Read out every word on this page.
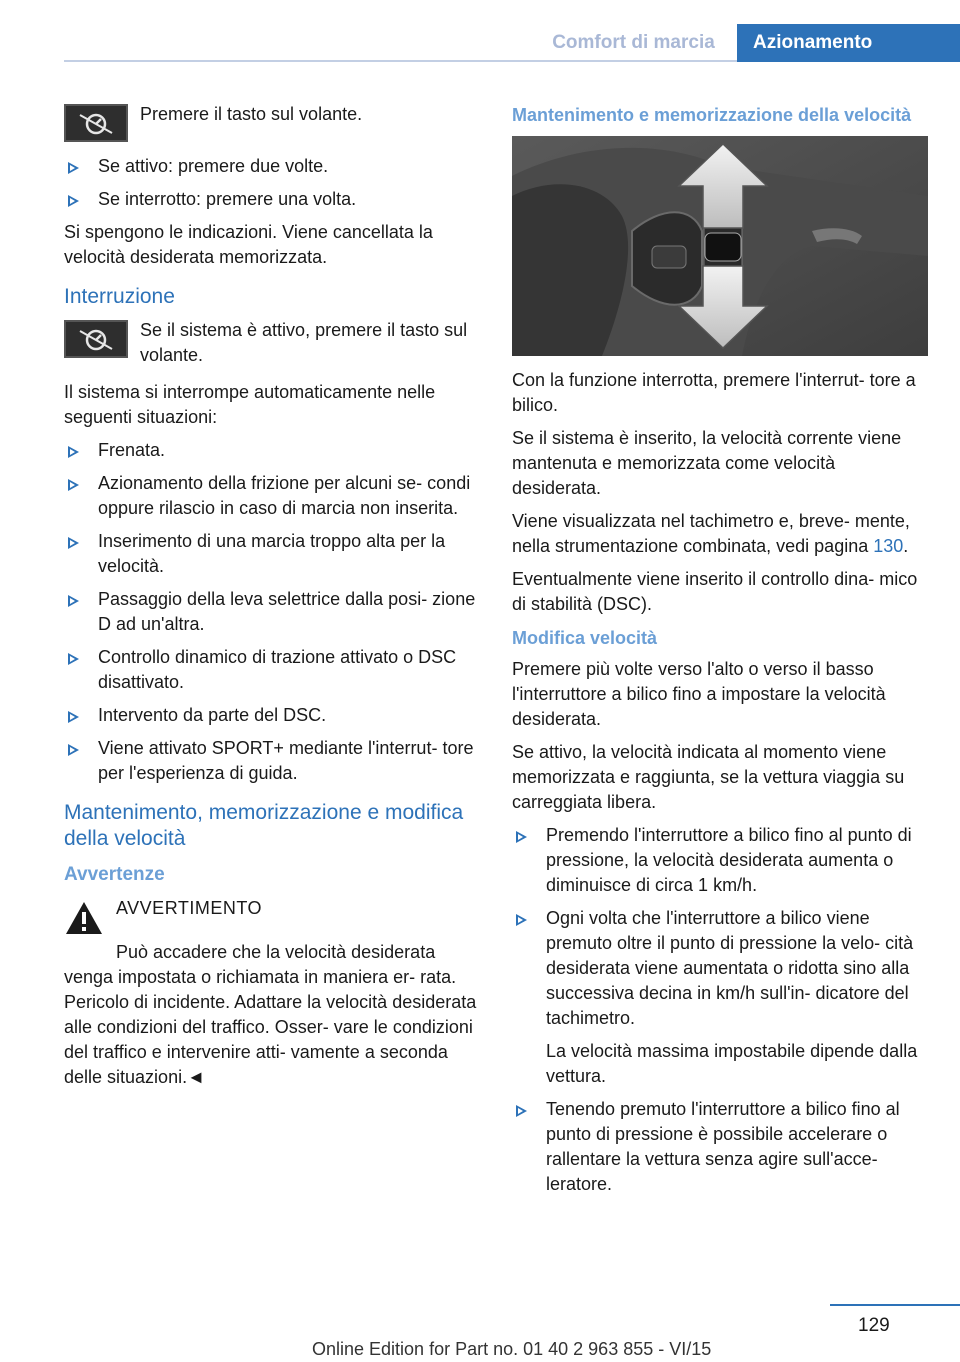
Comfort di marcia	Azionamento
Premere il tasto sul volante.
Se attivo: premere due volte.
Se interrotto: premere una volta.

Si spengono le indicazioni. Viene cancellata la velocità desiderata memorizzata.

Interruzione
Se il sistema è attivo, premere il tasto sul volante.

Il sistema si interrompe automaticamente nelle seguenti situazioni:

Frenata.
Azionamento della frizione per alcuni se- condi oppure rilascio in caso di marcia non inserita.
Inserimento di una marcia troppo alta per la velocità.
Passaggio della leva selettrice dalla posi- zione D ad un'altra.
Controllo dinamico di trazione attivato o DSC disattivato.
Intervento da parte del DSC.
Viene attivato SPORT+ mediante l'interrut- tore per l'esperienza di guida.
Mantenimento, memorizzazione e modifica della velocità
Avvertenze
AVVERTIMENTO

Può accadere che la velocità desiderata venga impostata o richiamata in maniera er- rata. Pericolo di incidente. Adattare la velocità desiderata alle condizioni del traffico. Osser- vare le condizioni del traffico e intervenire atti- vamente a seconda delle situazioni.◄

Mantenimento e memorizzazione della velocità

Con la funzione interrotta, premere l'interrut- tore a bilico.

Se il sistema è inserito, la velocità corrente viene mantenuta e memorizzata come velocità desiderata.

Viene visualizzata nel tachimetro e, breve- mente, nella strumentazione combinata, vedi pagina 130.

Eventualmente viene inserito il controllo dina- mico di stabilità (DSC).

Modifica velocità

Premere più volte verso l'alto o verso il basso l'interruttore a bilico fino a impostare la velocità desiderata.

Se attivo, la velocità indicata al momento viene memorizzata e raggiunta, se la vettura viaggia su carreggiata libera.

Premendo l'interruttore a bilico fino al punto di pressione, la velocità desiderata aumenta o diminuisce di circa 1 km/h.
Ogni volta che l'interruttore a bilico viene premuto oltre il punto di pressione la velo- cità desiderata viene aumentata o ridotta sino alla successiva decina in km/h sull'in- dicatore del tachimetro.
La velocità massima impostabile dipende dalla vettura.
Tenendo premuto l'interruttore a bilico fino al punto di pressione è possibile accelerare o rallentare la vettura senza agire sull'acce- leratore.
129
Online Edition for Part no. 01 40 2 963 855 - VI/15
